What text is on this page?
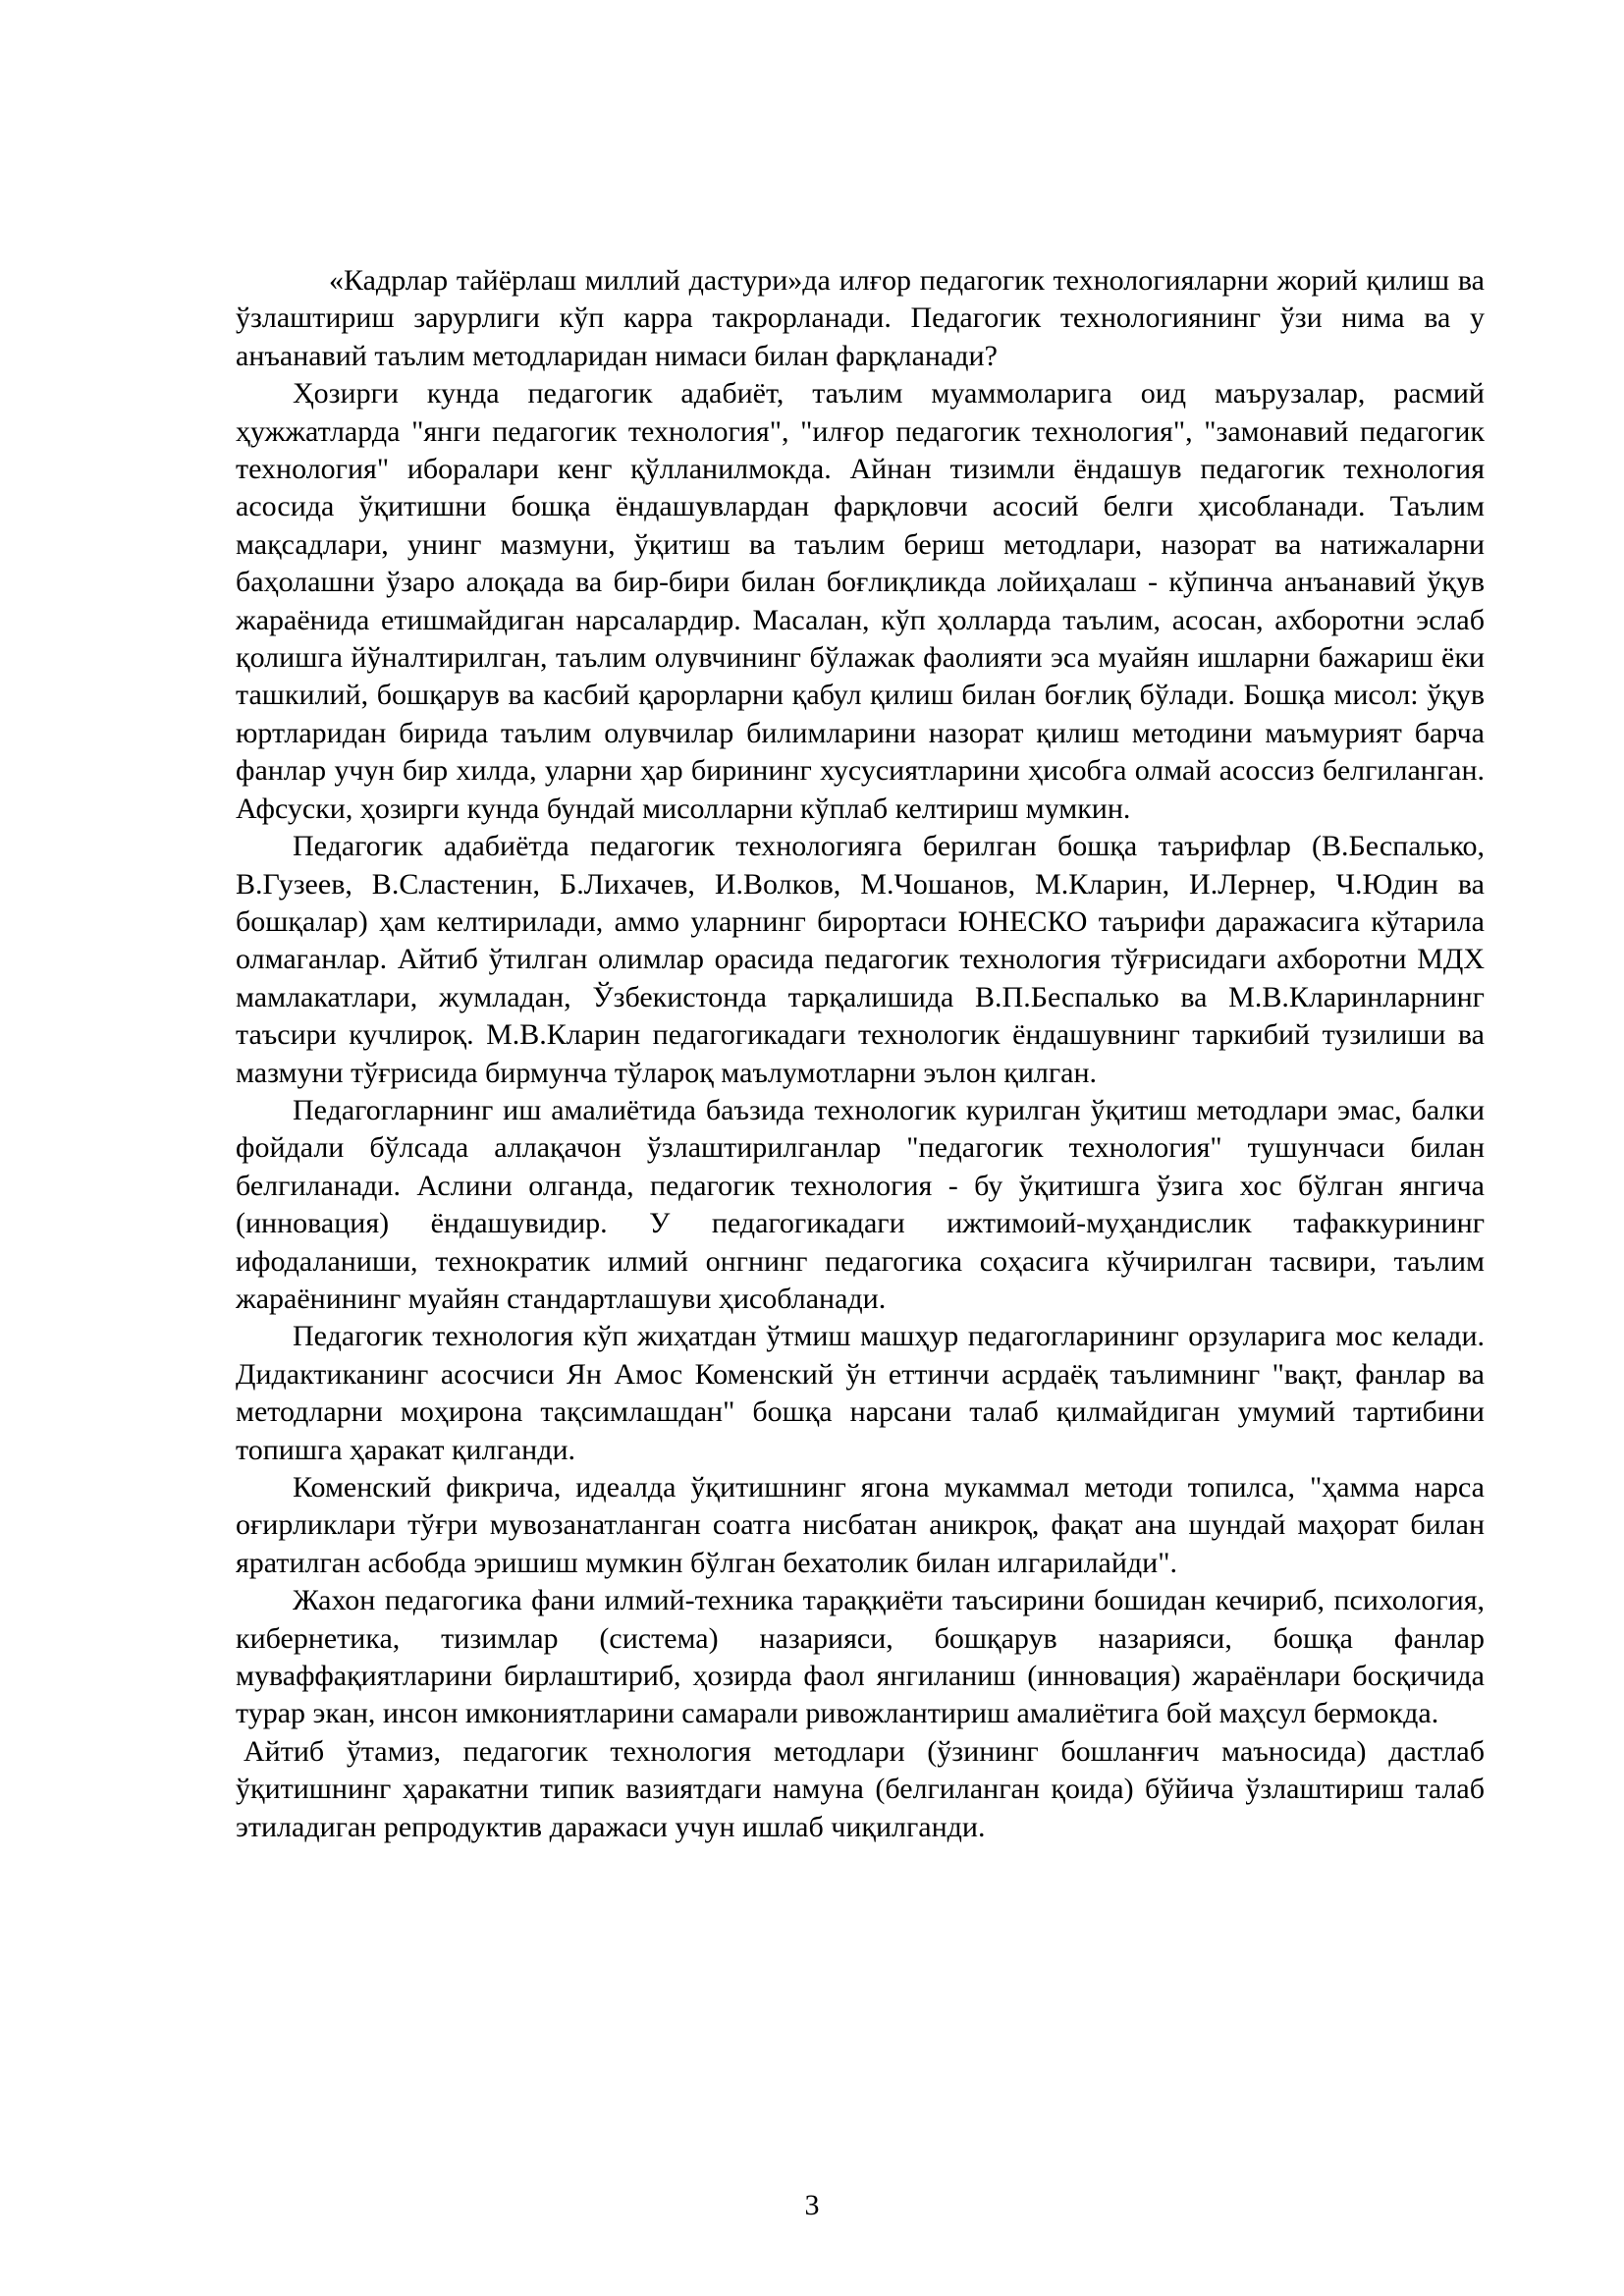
«Кадрлар тайёрлаш миллий дастури»да илғор педагогик технологияларни жорий қилиш ва ўзлаштириш зарурлиги кўп карра такрорланади. Педагогик технологиянинг ўзи нима ва у анъанавий таълим методларидан нимаси билан фарқланади?

Ҳозирги кунда педагогик адабиёт, таълим муаммоларига оид маърузалар, расмий ҳужжатларда "янги педагогик технология", "илғор педагогик технология", "замонавий педагогик технология" иборалари кенг қўлланилмокда. Айнан тизимли ёндашув педагогик технология асосида ўқитишни бошқа ёндашувлардан фарқловчи асосий белги ҳисобланади. Таълим мақсадлари, унинг мазмуни, ўқитиш ва таълим бериш методлари, назорат ва натижаларни баҳолашни ўзаро алоқада ва бир-бири билан боғлиқликда лойиҳалаш - кўпинча анъанавий ўқув жараёнида етишмайдиган нарсалардир. Масалан, кўп ҳолларда таълим, асосан, ахборотни эслаб қолишга йўналтирилган, таълим олувчининг бўлажак фаолияти эса муайян ишларни бажариш ёки ташкилий, бошқарув ва касбий қарорларни қабул қилиш билан боғлиқ бўлади. Бошқа мисол: ўқув юртларидан бирида таълим олувчилар билимларини назорат қилиш методини маъмурият барча фанлар учун бир хилда, уларни ҳар бирининг хусусиятларини ҳисобга олмай асоссиз белгиланган. Афсуски, ҳозирги кунда бундай мисолларни кўплаб келтириш мумкин.

Педагогик адабиётда педагогик технологияга берилган бошқа таърифлар (В.Беспалько, В.Гузеев, В.Сластенин, Б.Лихачев, И.Волков, М.Чошанов, М.Кларин, И.Лернер, Ч.Юдин ва бошқалар) ҳам келтирилади, аммо уларнинг бирортаси ЮНЕСКО таърифи даражасига кўтарила олмаганлар. Айтиб ўтилган олимлар орасида педагогик технология тўғрисидаги ахборотни МДХ мамлакатлари, жумладан, Ўзбекистонда тарқалишида В.П.Беспалько ва М.В.Кларинларнинг таъсири кучлироқ. М.В.Кларин педагогикадаги технологик ёндашувнинг таркибий тузилиши ва мазмуни тўғрисида бирмунча тўлароқ маълумотларни эълон қилган.

Педагогларнинг иш амалиётида баъзида технологик курилган ўқитиш методлари эмас, балки фойдали бўлсада аллақачон ўзлаштирилганлар "педагогик технология" тушунчаси билан белгиланади. Аслини олганда, педагогик технология - бу ўқитишга ўзига хос бўлган янгича (инновация) ёндашувидир. У педагогикадаги ижтимоий-муҳандислик тафаккурининг ифодаланиши, технократик илмий онгнинг педагогика соҳасига кўчирилган тасвири, таълим жараёнининг муайян стандартлашуви ҳисобланади.

Педагогик технология кўп жиҳатдан ўтмиш машҳур педагогларининг орзуларига мос келади. Дидактиканинг асосчиси Ян Амос Коменский ўн еттинчи асрдаёқ таълимнинг "вақт, фанлар ва методларни моҳирона тақсимлашдан" бошқа нарсани талаб қилмайдиган умумий тартибини топишга ҳаракат қилганди.

Коменский фикрича, идеалда ўқитишнинг ягона мукаммал методи топилса, "ҳамма нарса оғирликлари тўғри мувозанатланган соатга нисбатан аникроқ, фақат ана шундай маҳорат билан яратилган асбобда эришиш мумкин бўлган бехатолик билан илгарилайди".

Жахон педагогика фани илмий-техника тараққиёти таъсирини бошидан кечириб, психология, кибернетика, тизимлар (система) назарияси, бошқарув назарияси, бошқа фанлар муваффақиятларини бирлаштириб, ҳозирда фаол янгиланиш (инновация) жараёнлари босқичида турар экан, инсон имкониятларини самарали ривожлантириш амалиётига бой маҳсул бермокда.

Айтиб ўтамиз, педагогик технология методлари (ўзининг бошланғич маъносида) дастлаб ўқитишнинг ҳаракатни типик вазиятдаги намуна (белгиланган қоида) бўйича ўзлаштириш талаб этиладиган репродуктив даражаси учун ишлаб чиқилганди.

3
